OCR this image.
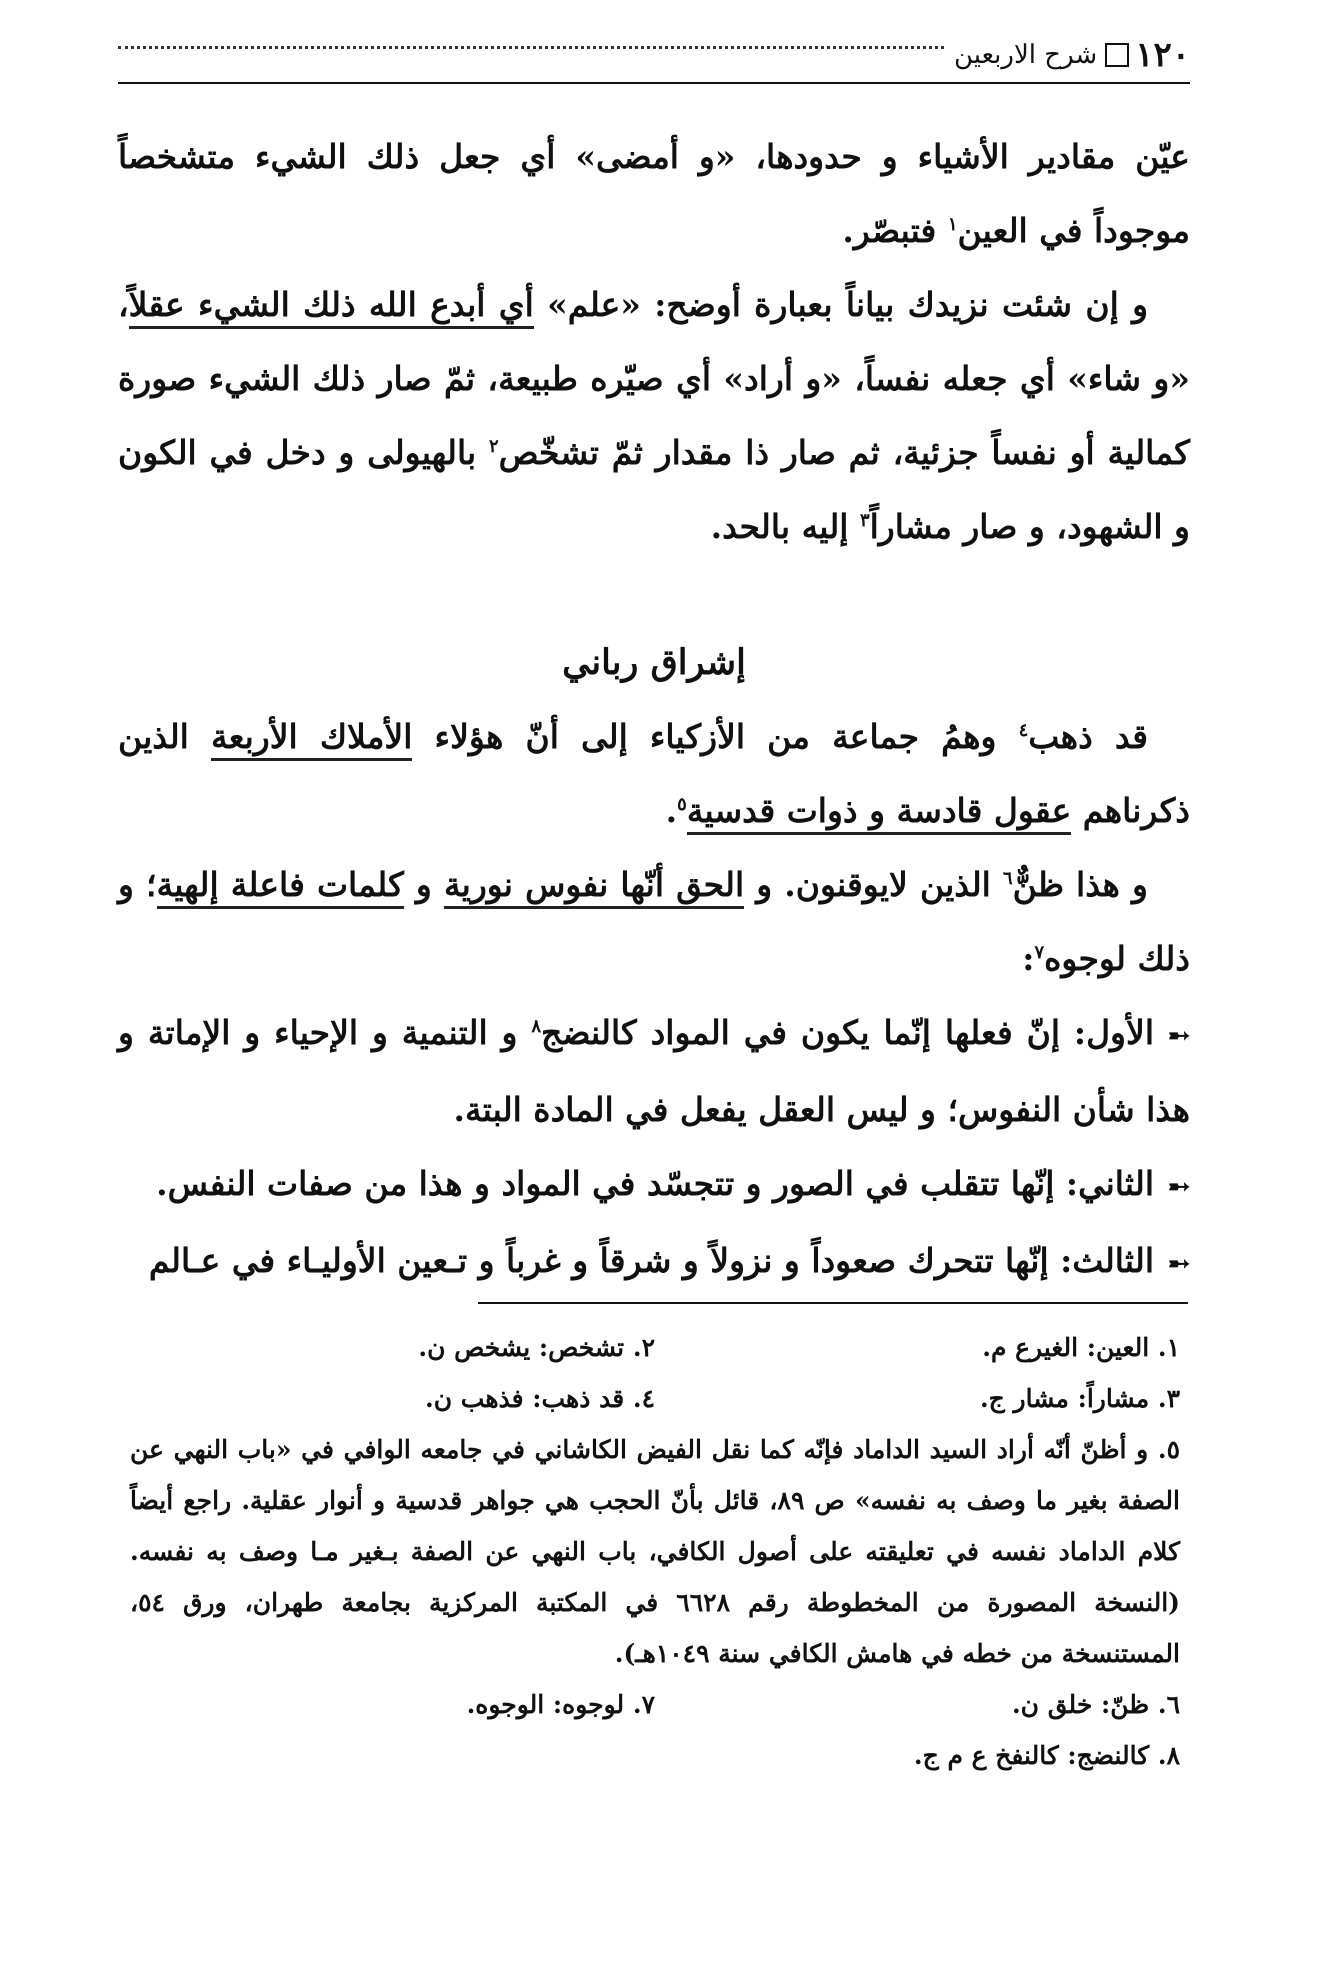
١٢٠
شرح الاربعين

عيّن مقادير الأشياء و حدودها، «و أمضى» أي جعل ذلك الشيء متشخصاً موجوداً في العين$^١$ فتبصّر.

و إن شئت نزيدك بياناً بعبارة أوضح: «علم» أي أبدع الله ذلك الشيء عقلاً، «و شاء» أي جعله نفساً، «و أراد» أي صيّره طبيعة، ثمّ صار ذلك الشيء صورة كمالية أو نفساً جزئية، ثم صار ذا مقدار ثمّ تشخّص$^٢$ بالهيولى و دخل في الكون و الشهود، و صار مشاراً$^٣$ إليه بالحد.

إشراق رباني

قد ذهب$^٤$ وهمُ جماعة من الأزكياء إلى أنّ هؤلاء الأملاك الأربعة الذين ذكرناهم عقول قادسة و ذوات قدسية$^٥$.

و هذا ظنٌّ$^٦$ الذين لايوقنون. و الحق أنّها نفوس نورية و كلمات فاعلة إلهية؛ و ذلك لوجوه$^٧$:

➸الأول: إنّ فعلها إنّما يكون في المواد كالنضج$^٨$ و التنمية و الإحياء و الإماتة و هذا شأن النفوس؛ و ليس العقل يفعل في المادة البتة.

➸الثاني: إنّها تتقلب في الصور و تتجسّد في المواد و هذا من صفات النفس.

➸الثالث: إنّها تتحرك صعوداً و نزولاً و شرقاً و غرباً و تـعين الأوليـاء في عـالم

١. العين: الغيرع م.
٢. تشخص: يشخص ن.
٣. مشاراً: مشار ج.
٤. قد ذهب: فذهب ن.
٥. و أظنّ أنّه أراد السيد الداماد فإنّه كما نقل الفيض الكاشاني في جامعه الوافي في «باب النهي عن الصفة بغير ما وصف به نفسه» ص ٨٩، قائل بأنّ الحجب هي جواهر قدسية و أنوار عقلية. راجع أيضاً كلام الداماد نفسه في تعليقته على أصول الكافي، باب النهي عن الصفة بـغير مـا وصف به نفسه. (النسخة المصورة من المخطوطة رقم ٦٦٢٨ في المكتبة المركزية بجامعة طهران، ورق ٥٤، المستنسخة من خطه في هامش الكافي سنة ١٠٤٩هـ).
٦. ظنّ: خلق ن.
٧. لوجوه: الوجوه.
٨. كالنضج: كالنفخ ع م ج.
